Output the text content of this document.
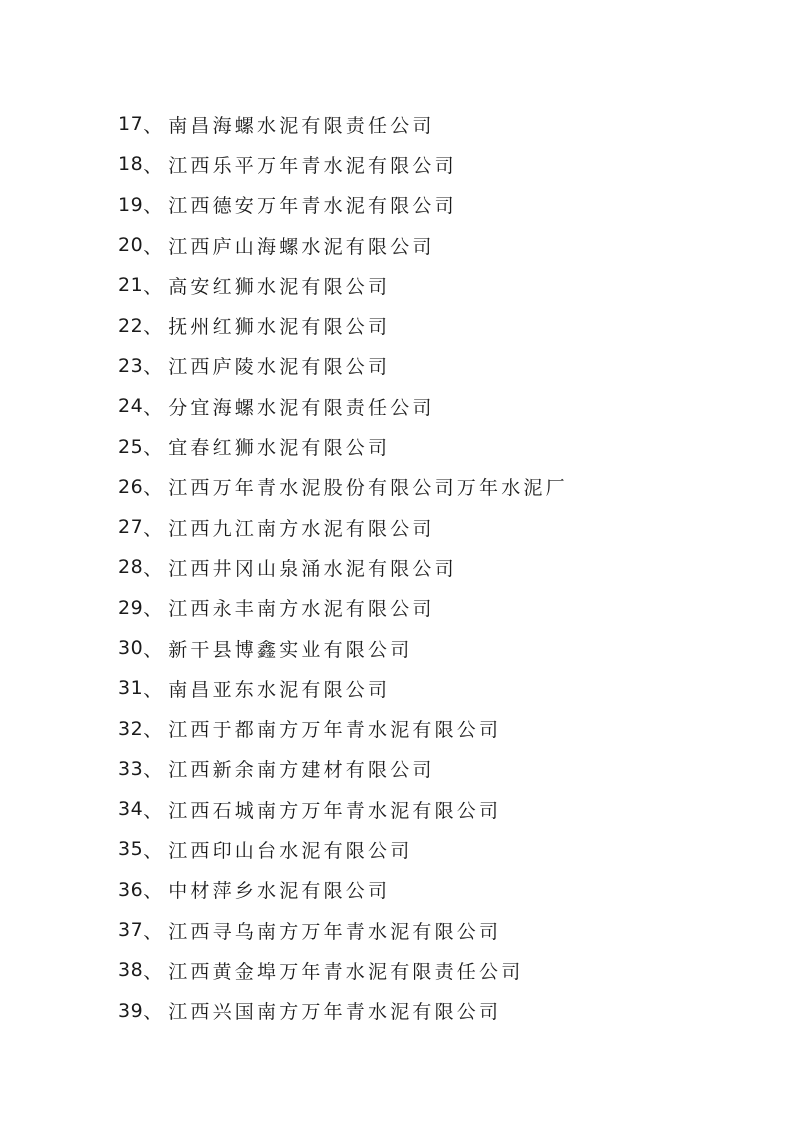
17 、 南昌海螺水泥有限责任公司
18 、 江西乐平万年青水泥有限公司
19 、 江西德安万年青水泥有限公司
20 、 江西庐山海螺水泥有限公司
21 、 高安红狮水泥有限公司
22 、 抚州红狮水泥有限公司
23 、 江西庐陵水泥有限公司
24 、 分宜海螺水泥有限责任公司
25 、 宜春红狮水泥有限公司
26 、 江西万年青水泥股份有限公司万年水泥厂
27 、 江西九江南方水泥有限公司
28 、 江西井冈山泉涌水泥有限公司
29 、 江西永丰南方水泥有限公司
30 、 新干县博鑫实业有限公司
31 、 南昌亚东水泥有限公司
32 、 江西于都南方万年青水泥有限公司
33 、 江西新余南方建材有限公司
34 、 江西石城南方万年青水泥有限公司
35 、 江西印山台水泥有限公司
36 、 中材萍乡水泥有限公司
37 、 江西寻乌南方万年青水泥有限公司
38 、 江西黄金埠万年青水泥有限责任公司
39 、 江西兴国南方万年青水泥有限公司
